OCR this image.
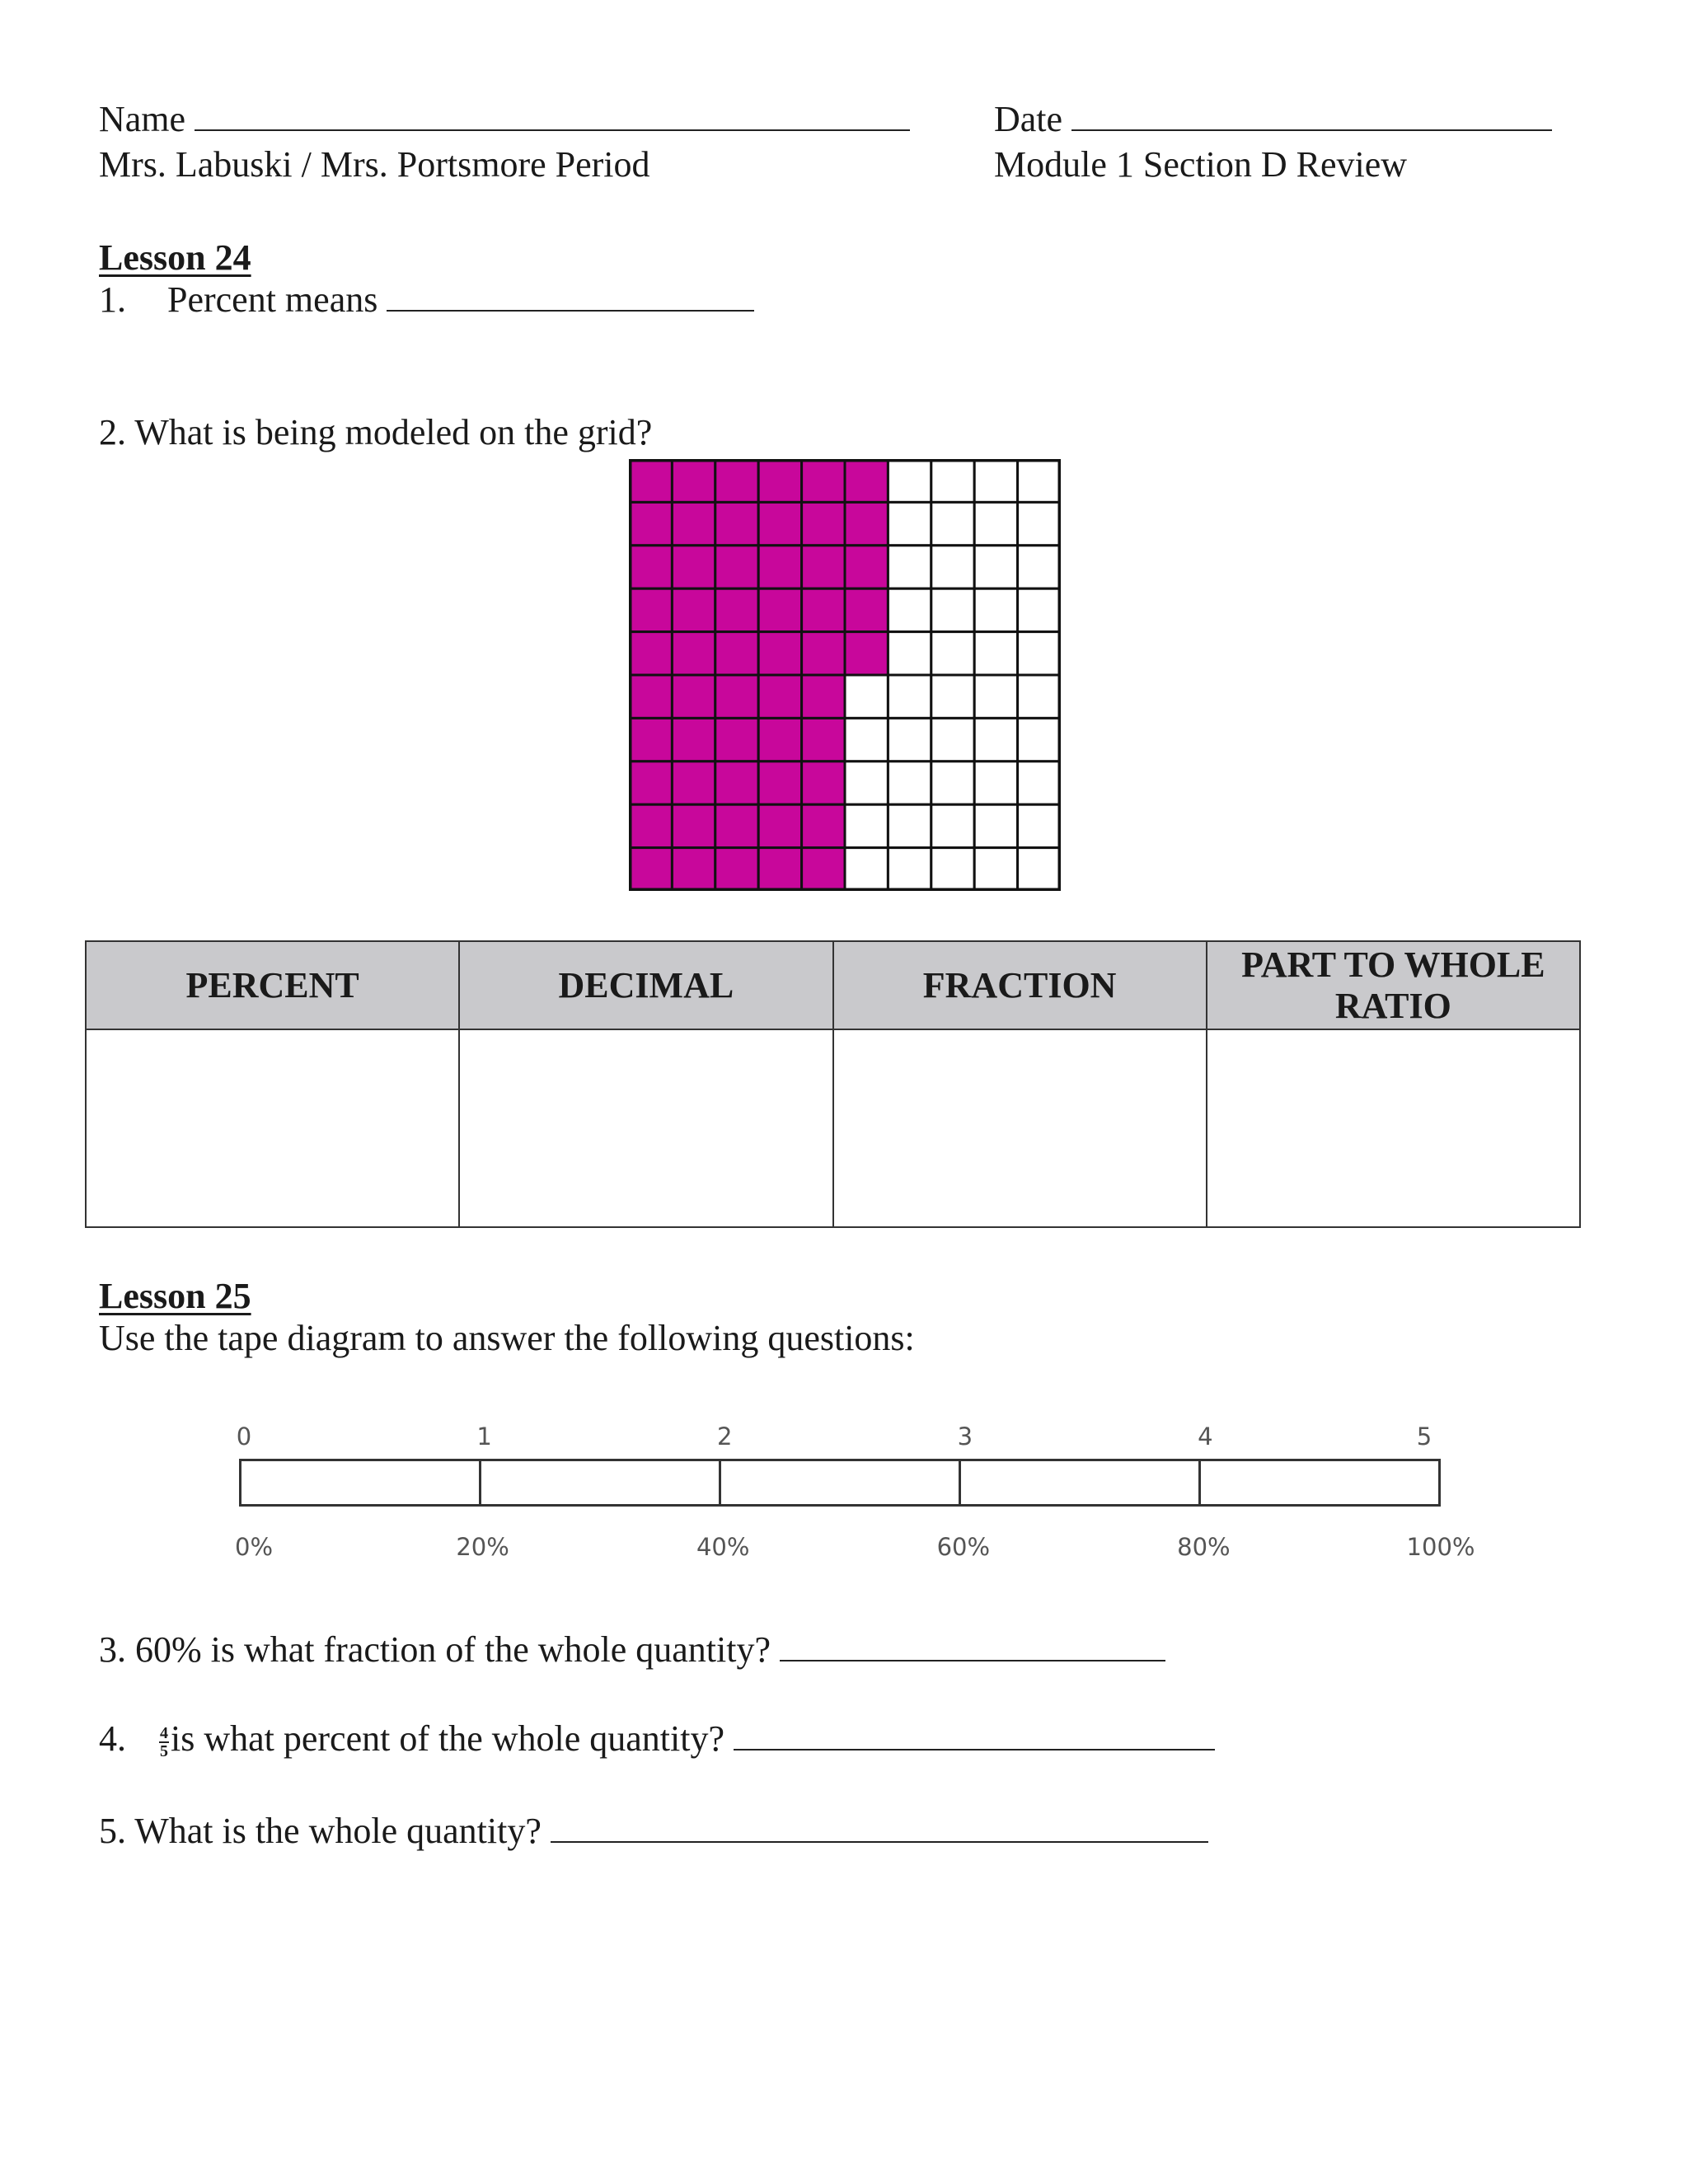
Name
Mrs. Labuski / Mrs. Portsmore Period
Date
Module 1 Section D Review
Lesson 24
1. Percent means
2. What is being modeled on the grid?
PERCENT	DECIMAL	FRACTION	PART TO WHOLE RATIO

Lesson 25
Use the tape diagram to answer the following questions:
0	1	2	3	4	5
0%	20%	40%	60%	80%	100%
3. 60% is what fraction of the whole quantity?
4. $\frac{4}{5}$ is what percent of the whole quantity?
5. What is the whole quantity?
